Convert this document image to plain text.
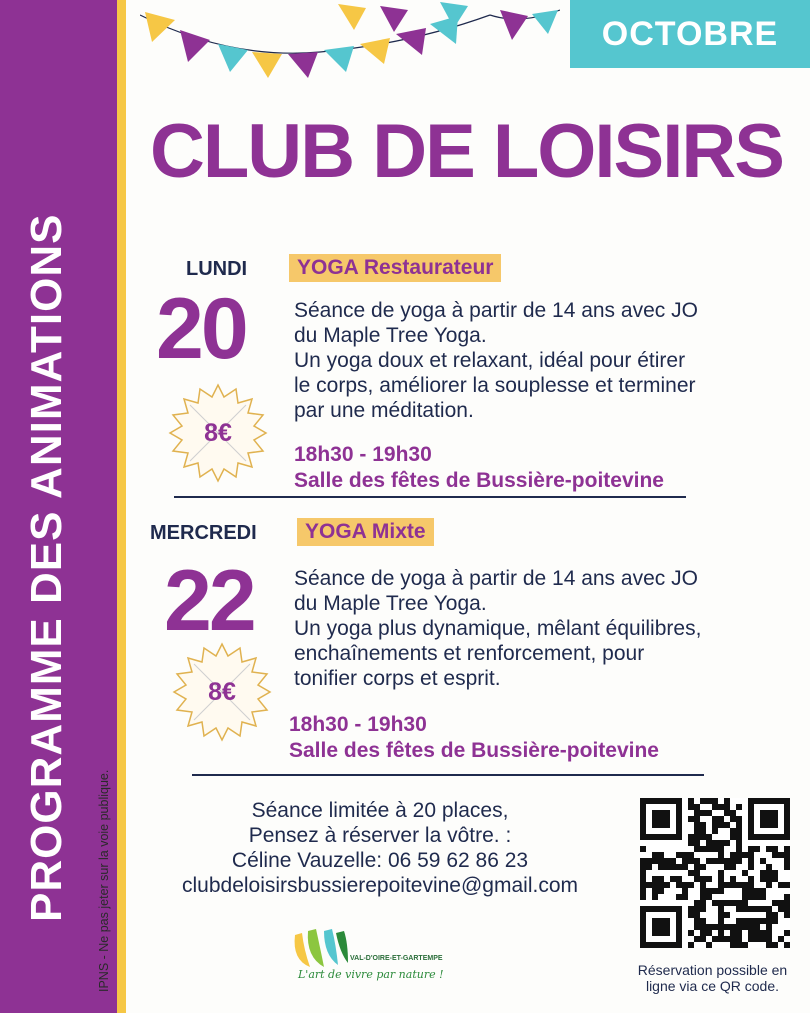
PROGRAMME DES ANIMATIONS	IPNS - Ne pas jeter sur la voie publique.
OCTOBRE
CLUB DE LOISIRS
LUNDI	YOGA Restaurateur
20 Séance de yoga à partir de 14 ans avec JO

du Maple Tree Yoga.

Un yoga doux et relaxant, idéal pour étirer

le corps, améliorer la souplesse et terminer

par une méditation.

8€
18h30 - 19h30
Salle des fêtes de Bussière-poitevine
MERCREDI	YOGA Mixte
22 Séance de yoga à partir de 14 ans avec JO

du Maple Tree Yoga.

Un yoga plus dynamique, mêlant équilibres,

enchaînements et renforcement, pour

tonifier corps et esprit.

8€
18h30 - 19h30
Salle des fêtes de Bussière-poitevine

Séance limitée à 20 places,

Pensez à réserver la vôtre. :

Céline Vauzelle: 06 59 62 86 23

clubdeloisirsbussierepoitevine@gmail.com

Réservation possible en

ligne via ce QR code.

VAL-D'OIRE-ET-GARTEMPE
L'art de vivre par nature !
